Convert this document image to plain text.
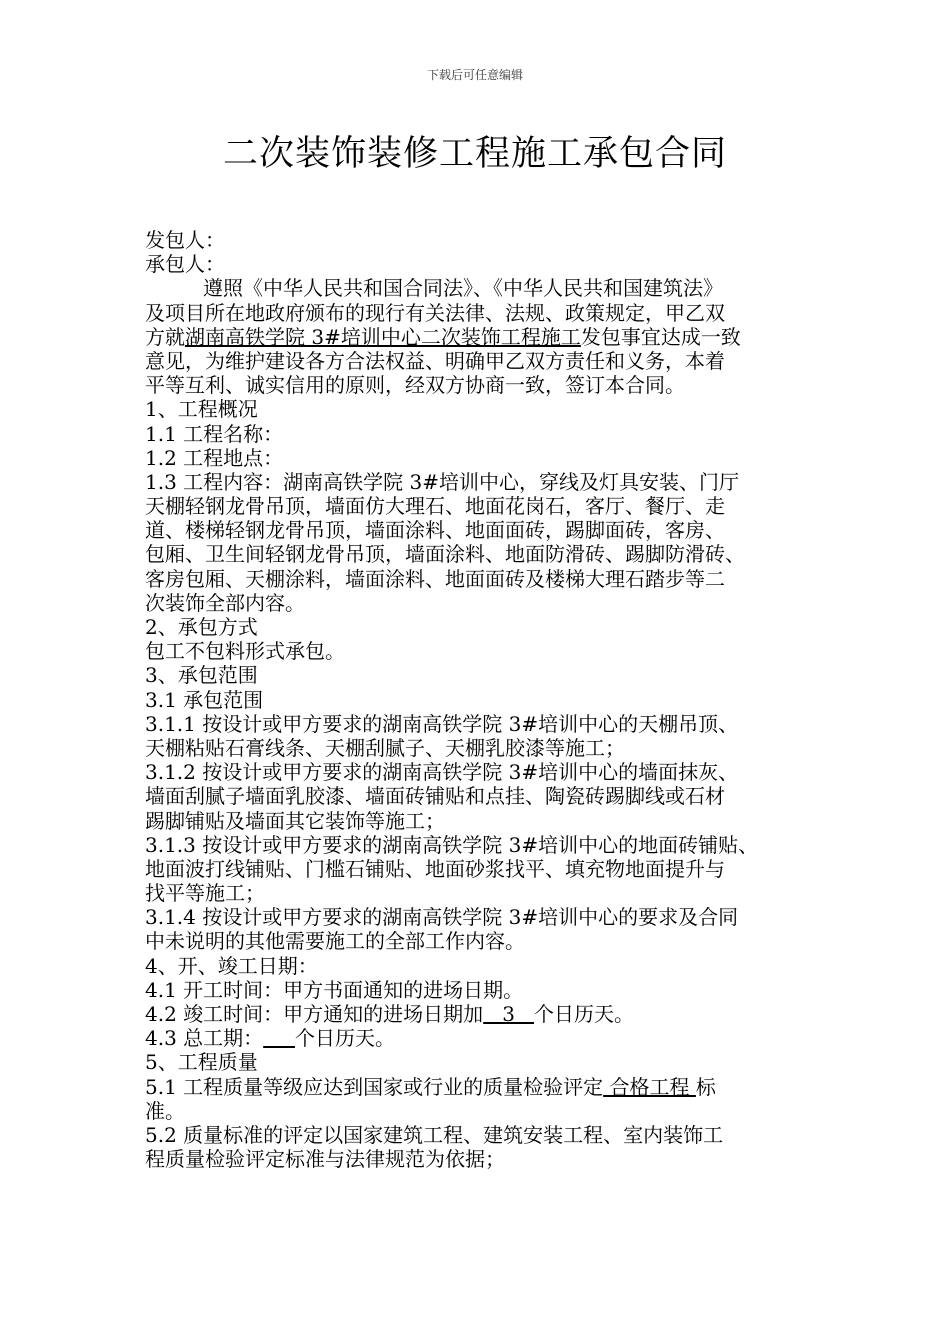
下载后可任意编辑
二次装饰装修工程施工承包合同
发包人：
承包人：
遵照《中华人民共和国合同法》、《中华人民共和国建筑法》
及项目所在地政府颁布的现行有关法律、法规、政策规定，甲乙双
方就湖南高铁学院 3#培训中心二次装饰工程施工发包事宜达成一致
意见，为维护建设各方合法权益、明确甲乙双方责任和义务，本着
平等互利、诚实信用的原则，经双方协商一致，签订本合同。
1、工程概况
1.1 工程名称：
1.2 工程地点：
1.3 工程内容：湖南高铁学院 3#培训中心，穿线及灯具安装、门厅
天棚轻钢龙骨吊顶，墙面仿大理石、地面花岗石，客厅、餐厅、走
道、楼梯轻钢龙骨吊顶，墙面涂料、地面面砖，踢脚面砖，客房、
包厢、卫生间轻钢龙骨吊顶，墙面涂料、地面防滑砖、踢脚防滑砖、
客房包厢、天棚涂料，墙面涂料、地面面砖及楼梯大理石踏步等二
次装饰全部内容。
2、承包方式
包工不包料形式承包。
3、承包范围
3.1 承包范围
3.1.1 按设计或甲方要求的湖南高铁学院 3#培训中心的天棚吊顶、
天棚粘贴石膏线条、天棚刮腻子、天棚乳胶漆等施工；
3.1.2 按设计或甲方要求的湖南高铁学院 3#培训中心的墙面抹灰、
墙面刮腻子墙面乳胶漆、墙面砖铺贴和点挂、陶瓷砖踢脚线或石材
踢脚铺贴及墙面其它装饰等施工；
3.1.3 按设计或甲方要求的湖南高铁学院 3#培训中心的地面砖铺贴、
地面波打线铺贴、门槛石铺贴、地面砂浆找平、填充物地面提升与
找平等施工；
3.1.4 按设计或甲方要求的湖南高铁学院 3#培训中心的要求及合同
中未说明的其他需要施工的全部工作内容。
4、开、竣工日期：
4.1 开工时间：甲方书面通知的进场日期。
4.2 竣工时间：甲方通知的进场日期加   3   个日历天。
4.3 总工期： 个日历天。
5、工程质量
5.1 工程质量等级应达到国家或行业的质量检验评定 合格工程 标
准。
5.2 质量标准的评定以国家建筑工程、建筑安装工程、室内装饰工
程质量检验评定标准与法律规范为依据；
